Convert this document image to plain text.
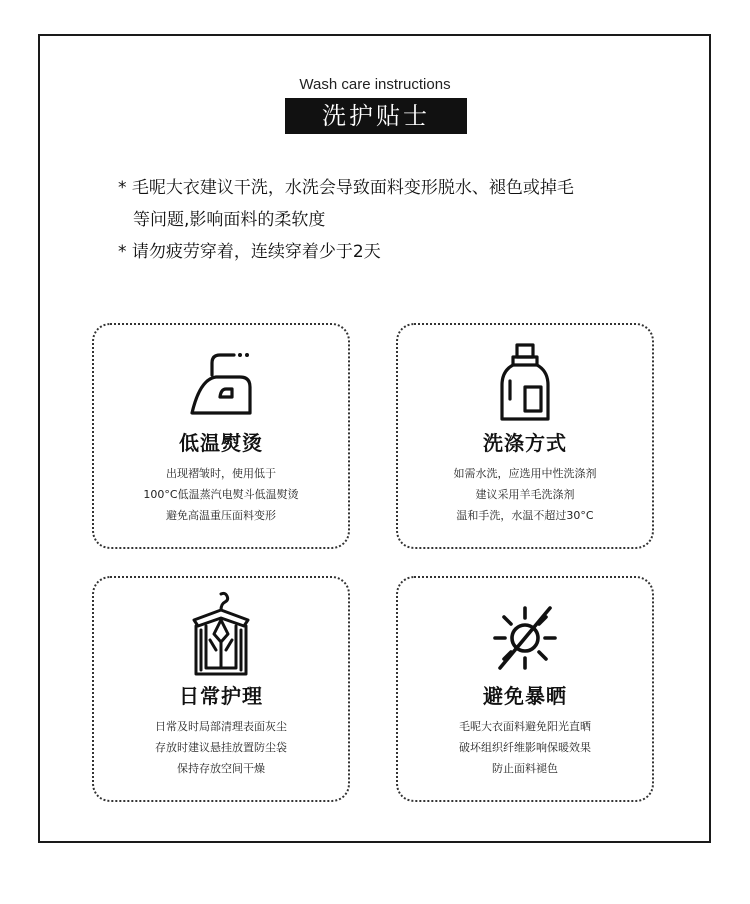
Wash care instructions
洗护贴士
* 毛呢大衣建议干洗，水洗会导致面料变形脱水、褪色或掉毛
等问题,影响面料的柔软度
* 请勿疲劳穿着，连续穿着少于2天
低温熨烫
出现褶皱时，使用低于
100°C低温蒸汽电熨斗低温熨烫
避免高温重压面料变形
洗涤方式
如需水洗，应选用中性洗涤剂
建议采用羊毛洗涤剂
温和手洗，水温不超过30°C
日常护理
日常及时局部清理表面灰尘
存放时建议悬挂放置防尘袋
保持存放空间干燥
避免暴晒
毛呢大衣面料避免阳光直晒
破坏组织纤维影响保暖效果
防止面料褪色
